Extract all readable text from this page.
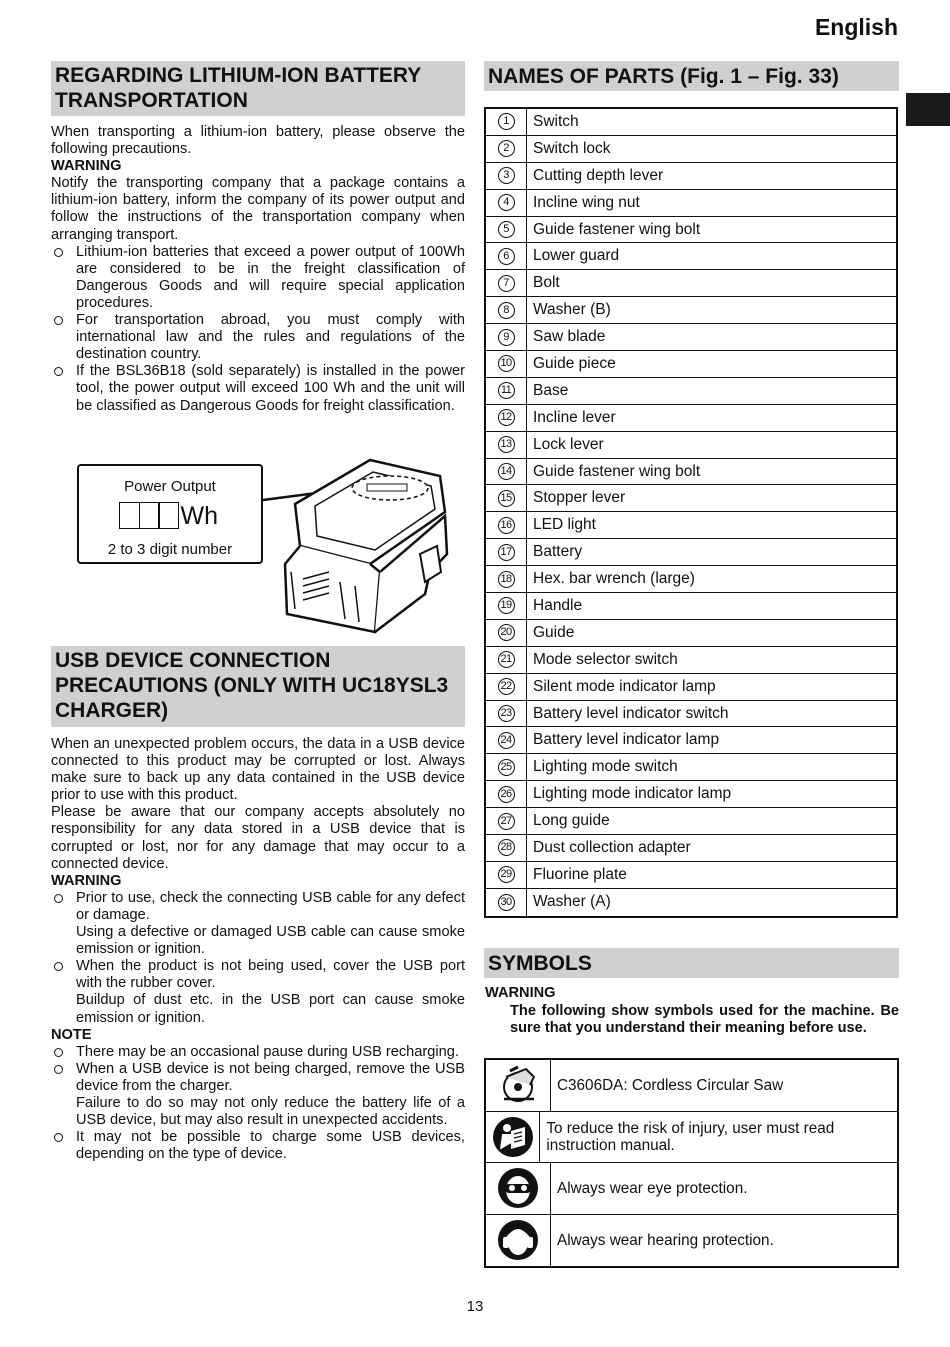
English
REGARDING LITHIUM-ION BATTERY TRANSPORTATION

When transporting a lithium-ion battery, please observe the following precautions.

WARNING

Notify the transporting company that a package contains a lithium-ion battery, inform the company of its power output and follow the instructions of the transportation company when arranging transport.

Lithium-ion batteries that exceed a power output of 100Wh are considered to be in the freight classification of Dangerous Goods and will require special application procedures.

For transportation abroad, you must comply with international law and the rules and regulations of the destination country.

If the BSL36B18 (sold separately) is installed in the power tool, the power output will exceed 100 Wh and the unit will be classified as Dangerous Goods for freight classification.

Power Output
Wh
2 to 3 digit number
USB DEVICE CONNECTION PRECAUTIONS (ONLY WITH UC18YSL3 CHARGER)

When an unexpected problem occurs, the data in a USB device connected to this product may be corrupted or lost. Always make sure to back up any data contained in the USB device prior to use with this product.

Please be aware that our company accepts absolutely no responsibility for any data stored in a USB device that is corrupted or lost, nor for any damage that may occur to a connected device.

WARNING

Prior to use, check the connecting USB cable for any defect or damage.

Using a defective or damaged USB cable can cause smoke emission or ignition.

When the product is not being used, cover the USB port with the rubber cover.

Buildup of dust etc. in the USB port can cause smoke emission or ignition.

NOTE

There may be an occasional pause during USB recharging.

When a USB device is not being charged, remove the USB device from the charger.

Failure to do so may not only reduce the battery life of a USB device, but may also result in unexpected accidents.

It may not be possible to charge some USB devices, depending on the type of device.

NAMES OF PARTS (Fig. 1 – Fig. 33)
1	Switch
2	Switch lock
3	Cutting depth lever
4	Incline wing nut
5	Guide fastener wing bolt
6	Lower guard
7	Bolt
8	Washer (B)
9	Saw blade
10	Guide piece
11	Base
12	Incline lever
13	Lock lever
14	Guide fastener wing bolt
15	Stopper lever
16	LED light
17	Battery
18	Hex. bar wrench (large)
19	Handle
20	Guide
21	Mode selector switch
22	Silent mode indicator lamp
23	Battery level indicator switch
24	Battery level indicator lamp
25	Lighting mode switch
26	Lighting mode indicator lamp
27	Long guide
28	Dust collection adapter
29	Fluorine plate
30	Washer (A)
SYMBOLS
WARNING
The following show symbols used for the machine. Be sure that you understand their meaning before use.
C3606DA: Cordless Circular Saw
To reduce the risk of injury, user must read instruction manual.
Always wear eye protection.
Always wear hearing protection.
13
